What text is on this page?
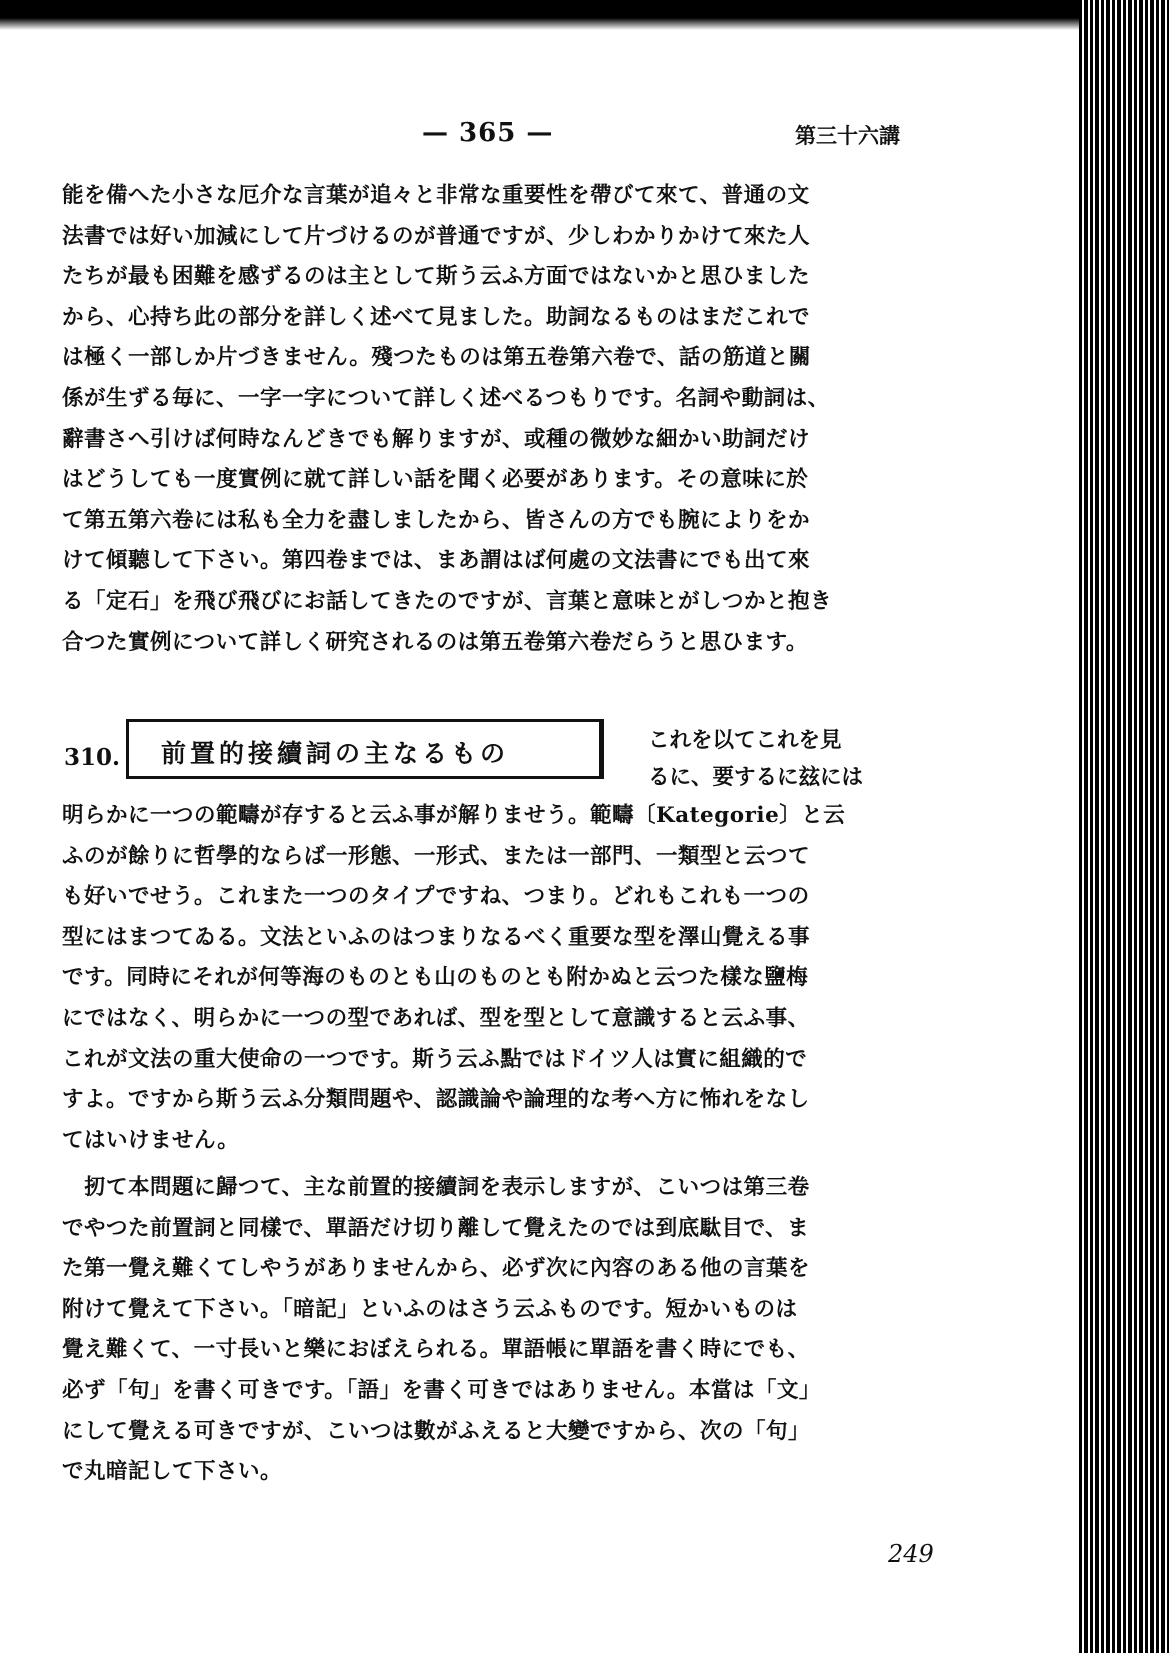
— 365 —	第三十六講
能を備へた小さな厄介な言葉が追々と非常な重要性を帶びて來て、普通の文
法書では好い加減にして片づけるのが普通ですが、少しわかりかけて來た人
たちが最も困難を感ずるのは主として斯う云ふ方面ではないかと思ひました
から、心持ち此の部分を詳しく述べて見ました。助詞なるものはまだこれで
は極く一部しか片づきません。殘つたものは第五卷第六卷で、話の筋道と關
係が生ずる毎に、一字一字について詳しく述べるつもりです。名詞や動詞は、
辭書さへ引けば何時なんどきでも解りますが、或種の微妙な細かい助詞だけ
はどうしても一度實例に就て詳しい話を聞く必要があります。その意味に於
て第五第六卷には私も全力を盡しましたから、皆さんの方でも腕によりをか
けて傾聽して下さい。第四卷までは、まあ謂はば何處の文法書にでも出て來
る「定石」を飛び飛びにお話してきたのですが、言葉と意味とがしつかと抱き
合つた實例について詳しく研究されるのは第五卷第六卷だらうと思ひます。
310. 前置的接續詞の主なるもの	これを以てこれを見
るに、要するに玆には
明らかに一つの範疇が存すると云ふ事が解りませう。範疇〔Kategorie〕と云
ふのが餘りに哲學的ならば一形態、一形式、または一部門、一類型と云つて
も好いでせう。これまた一つのタイプですね、つまり。どれもこれも一つの
型にはまつてゐる。文法といふのはつまりなるべく重要な型を澤山覺える事
です。同時にそれが何等海のものとも山のものとも附かぬと云つた樣な鹽梅
にではなく、明らかに一つの型であれば、型を型として意識すると云ふ事、
これが文法の重大使命の一つです。斯う云ふ點ではドイツ人は實に組織的で
すよ。ですから斯う云ふ分類問題や、認識論や論理的な考へ方に怖れをなし
てはいけません。
扨て本問題に歸つて、主な前置的接續詞を表示しますが、こいつは第三卷
でやつた前置詞と同樣で、單語だけ切り離して覺えたのでは到底駄目で、ま
た第一覺え難くてしやうがありませんから、必ず次に內容のある他の言葉を
附けて覺えて下さい。「暗記」といふのはさう云ふものです。短かいものは
覺え難くて、一寸長いと樂におぼえられる。單語帳に單語を書く時にでも、
必ず「句」を書く可きです。「語」を書く可きではありません。本當は「文」
にして覺える可きですが、こいつは數がふえると大變ですから、次の「句」
で丸暗記して下さい。
249
